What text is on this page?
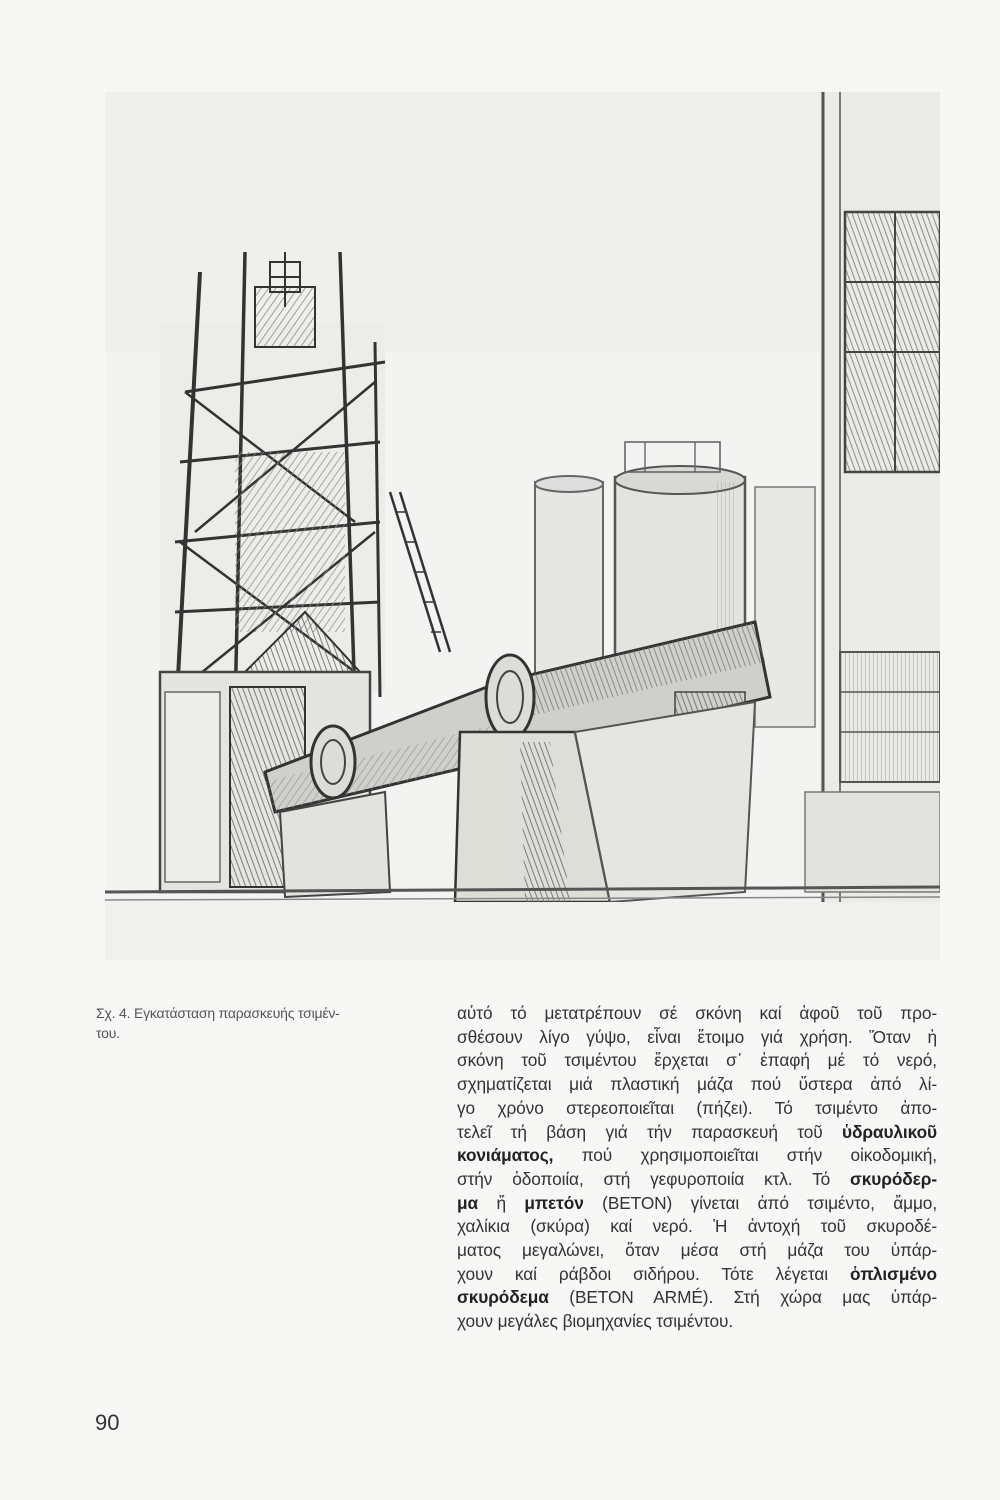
Σχ. 4. Εγκατάσταση παρασκευής τσιμέν-
του.
αὐτό τό μετατρέπουν σέ σκόνη καί ἀφοῦ τοῦ προ-
σθέσουν λίγο γύψο, εἶναι ἕτοιμο γιά χρήση. Ὅταν ἡ
σκόνη τοῦ τσιμέντου ἔρχεται σ᾽ ἐπαφή μέ τό νερό,
σχηματίζεται μιά πλαστική μάζα πού ὕστερα ἀπό λί-
γο χρόνο στερεοποιεῖται (πήζει). Τό τσιμέντο ἀπο-
τελεῖ τή βάση γιά τήν παρασκευή τοῦ ὑδραυλικοῦ
κονιάματος, πού χρησιμοποιεῖται στήν οἰκοδομική,
στήν ὁδοποιία, στή γεφυροποιία κτλ. Τό σκυρόδερ-
μα ἤ μπετόν (BETON) γίνεται ἀπό τσιμέντο, ἄμμο,
χαλίκια (σκύρα) καί νερό. Ἡ ἀντοχή τοῦ σκυροδέ-
ματος μεγαλώνει, ὅταν μέσα στή μάζα του ὑπάρ-
χουν καί ράβδοι σιδήρου. Τότε λέγεται ὁπλισμένο
σκυρόδεμα (BETON ARMÉ). Στή χώρα μας ὑπάρ-
χουν μεγάλες βιομηχανίες τσιμέντου.
90
